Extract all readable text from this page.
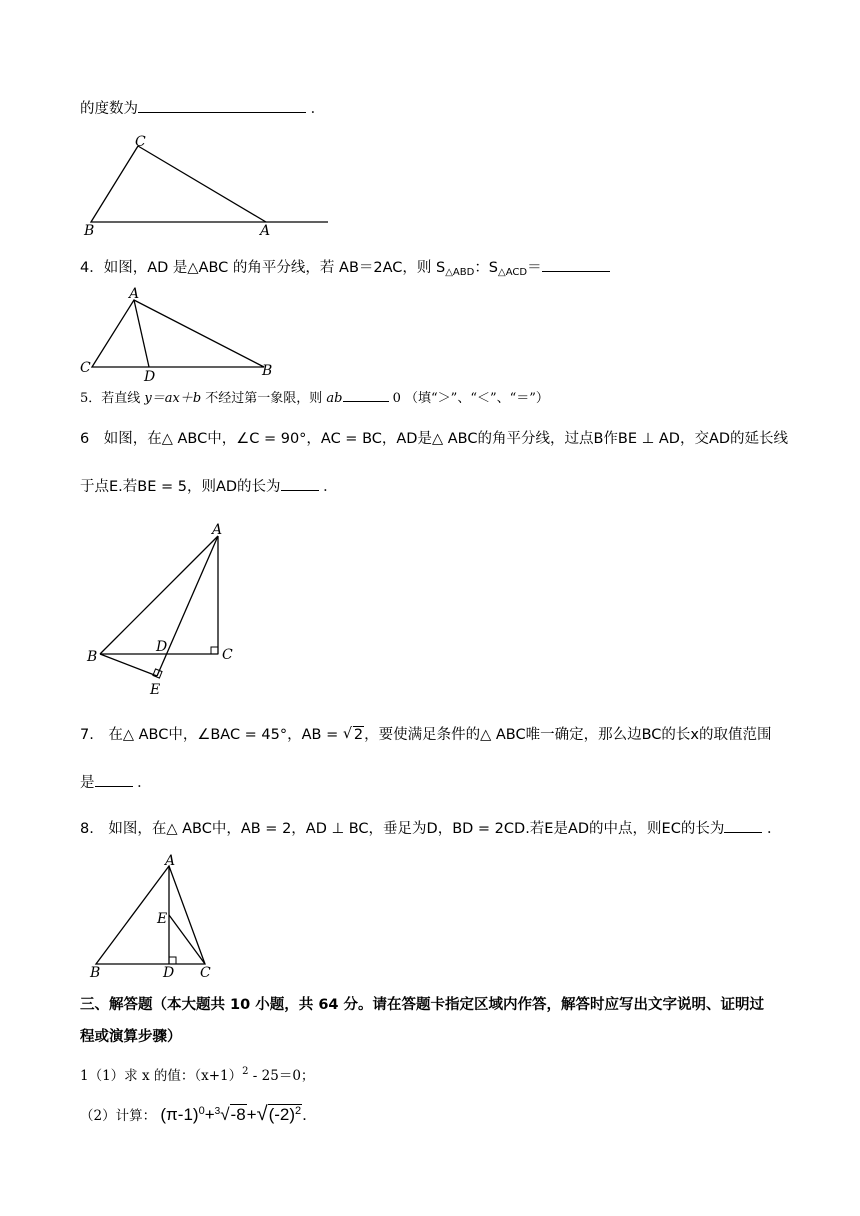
的度数为	．
C
B	A
4．如图，AD 是△ABC 的角平分线，若 AB＝2AC，则 $S_{\triangle ABD}$：$S_{\triangle ACD}=$
A
C
D	B
5．若直线 y＝ax＋b 不经过第一象限，则 ab	0 （填“＞”、“＜”、“＝”）
6　如图，在△ ABC中，∠C = 90°，AC = BC，AD是△ ABC的角平分线，过点B作BE ⊥ AD，交AD的延长线
于点E.若BE = 5，则AD的长为	．
A
B
D	C
E
7.　在△ ABC中，∠BAC = 45°，AB = √ 2，要使满足条件的△ ABC唯一确定，那么边BC的长x的取值范围
是	．
8.　如图，在△ ABC中，AB = 2，AD ⊥ BC，垂足为D，BD = 2CD.若E是AD的中点，则EC的长为	．
A
E
B	D C
三、解答题（本大题共 10 小题，共 64 分。请在答题卡指定区域内作答，解答时应写出文字说明、证明过
程或演算步骤）
1（1）求 x 的值：$(x+1)^2 - 25=0$；
（2）计算： $(\pi-1)^0+^3√-8+√(-2)^2$.
